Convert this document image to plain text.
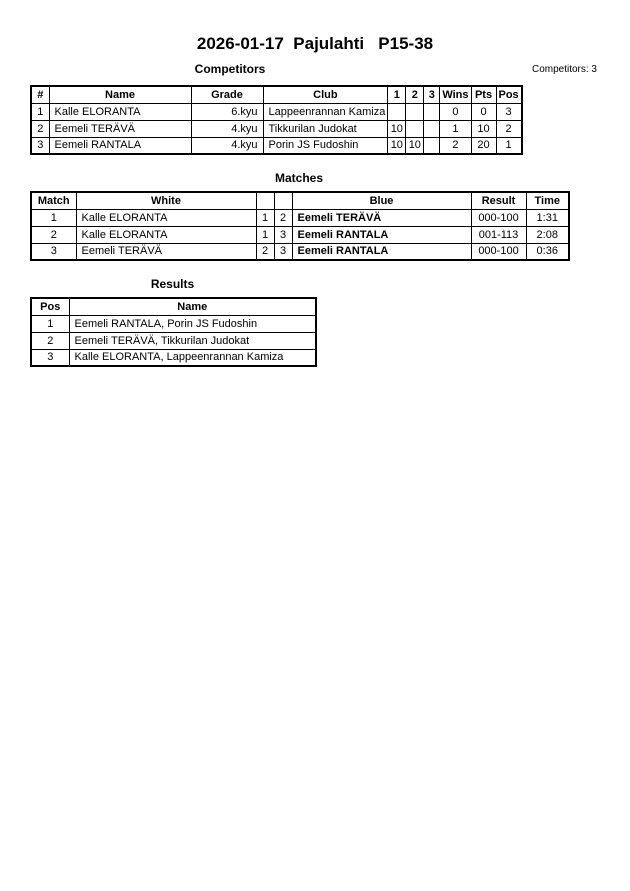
2026-01-17  Pajulahti   P15-38
Competitors	Competitors: 3
#	Name	Grade	Club	1	2	3	Wins	Pts	Pos
1	Kalle ELORANTA	6.kyu	Lappeenrannan Kamiza				0	0	3
2	Eemeli TERÄVÄ	4.kyu	Tikkurilan Judokat	10			1	10	2
3	Eemeli RANTALA	4.kyu	Porin JS Fudoshin	10	10		2	20	1
Matches
Match	White			Blue	Result	Time
1	Kalle ELORANTA	1	2	Eemeli TERÄVÄ	000-100	1:31
2	Kalle ELORANTA	1	3	Eemeli RANTALA	001-113	2:08
3	Eemeli TERÄVÄ	2	3	Eemeli RANTALA	000-100	0:36
Results
Pos	Name
1	Eemeli RANTALA, Porin JS Fudoshin
2	Eemeli TERÄVÄ, Tikkurilan Judokat
3	Kalle ELORANTA, Lappeenrannan Kamiza
